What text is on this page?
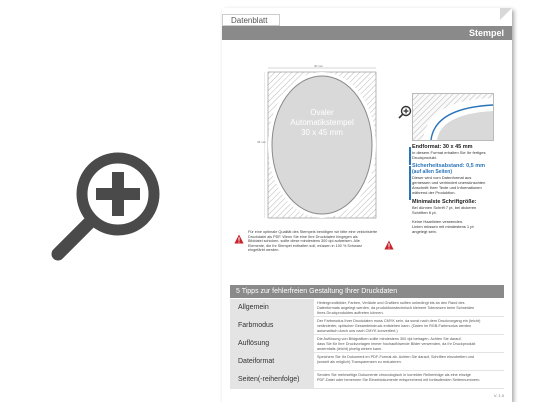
Datenblatt
Stempel
30 mm
45 mm
Ovaler
Automatikstempel
30 x 45 mm
Endformat: 30 x 45 mm
In diesem Format erhalten Sie Ihr fertiges
Druckprodukt.
Sicherheitsabstand: 0,5 mm
(auf allen Seiten)
Dieser wird vom Datenformat aus
gemessen und verhindert unerwünschten
Anschnitt Ihrer Texte und Informationen
während der Produktion.
Minimalste Schriftgröße:
Bei dünnen Schrift 7 pt, bei dickeren
Schriften 6 pt.
Keine Haarlinien verwenden.
Linien müssen mit mindestens 1 pt
angelegt sein.
Für eine optimale Qualität des Stempels benötigen wir bitte eine vektorisierte
Druckdatei als PDF. Wenn Sie eine Ihre Druckdaten hingegen als
Bilddatei schicken, sollte diese mindestens 300 dpi aufweisen. Alle
Elemente, die Ihr Stempel enthalten soll, müssen in 100 % Schwarz
eingefärbt werden.
5 Tipps zur fehlerfreien Gestaltung Ihrer Druckdaten
Allgemein
Hintergrundbilder, Farben, Verläufe und Grafiken sollten unbedingt bis an den Rand des
Datenformats angelegt werden, da produktionstechnisch kleinere Toleranzen beim Schneiden
Ihres Druckproduktes auftreten können.
Farbmodus
Der Farbmodus Ihrer Druckdaten muss CMYK sein, da sonst nach dem Druckvorgang ein (leicht)
veränderter, optischer Gesamteindruck entstehen kann. (Daten im RGB-Farbmodus werden
automatisch durch uns nach CMYK konvertiert.)
Auflösung
Die Auflösung von Bildgrafiken sollte mindestens 300 dpi betragen. Achten Sie darauf,
dass Sie für Ihre Druckvorlagen immer hochauflösende Bilder verwenden, da Ihr Druckprodukt
andernfalls (leicht) pixelig wirken kann.
Dateiformat
Speichern Sie Ihr Dokument im PDF-Format ab. Achten Sie darauf, Schriften einzubetten und
(soweit als möglich) Transparenzen zu reduzieren.
Seiten(-reihenfolge)
Senden Sie mehrseitige Dokumente chronologisch in korrekter Reihenfolge als eine einzige
PDF-Datei oder benennen Sie Einzeldokumente entsprechend mit fortlaufenden Seitennummern.
V. 1.0
